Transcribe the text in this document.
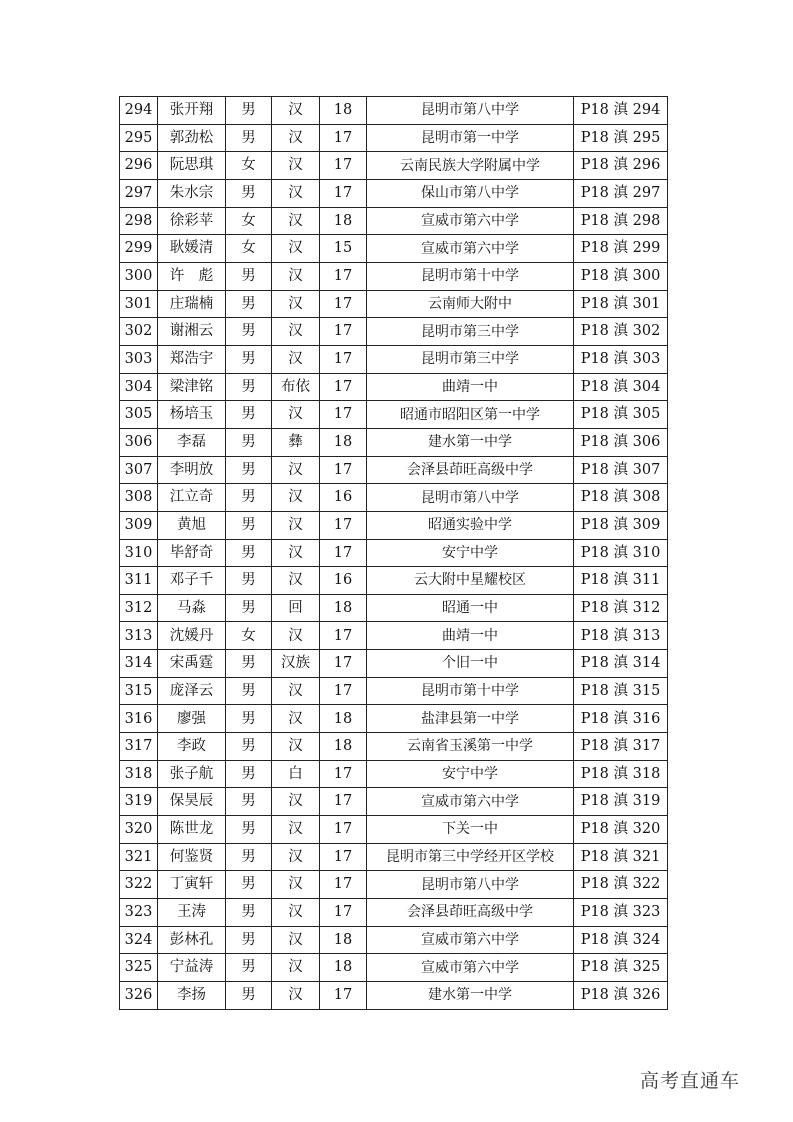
294	张开翔	男	汉	18	昆明市第八中学	P18 滇 294
295	郭劲松	男	汉	17	昆明市第一中学	P18 滇 295
296	阮思琪	女	汉	17	云南民族大学附属中学	P18 滇 296
297	朱水宗	男	汉	17	保山市第八中学	P18 滇 297
298	徐彩苹	女	汉	18	宣威市第六中学	P18 滇 298
299	耿媛清	女	汉	15	宣威市第六中学	P18 滇 299
300	许　彪	男	汉	17	昆明市第十中学	P18 滇 300
301	庄瑞楠	男	汉	17	云南师大附中	P18 滇 301
302	谢湘云	男	汉	17	昆明市第三中学	P18 滇 302
303	郑浩宇	男	汉	17	昆明市第三中学	P18 滇 303
304	梁津铭	男	布依	17	曲靖一中	P18 滇 304
305	杨培玉	男	汉	17	昭通市昭阳区第一中学	P18 滇 305
306	李磊	男	彝	18	建水第一中学	P18 滇 306
307	李明放	男	汉	17	会泽县茚旺高级中学	P18 滇 307
308	江立奇	男	汉	16	昆明市第八中学	P18 滇 308
309	黄旭	男	汉	17	昭通实验中学	P18 滇 309
310	毕舒奇	男	汉	17	安宁中学	P18 滇 310
311	邓子千	男	汉	16	云大附中星耀校区	P18 滇 311
312	马淼	男	回	18	昭通一中	P18 滇 312
313	沈媛丹	女	汉	17	曲靖一中	P18 滇 313
314	宋禹霆	男	汉族	17	个旧一中	P18 滇 314
315	庞泽云	男	汉	17	昆明市第十中学	P18 滇 315
316	廖强	男	汉	18	盐津县第一中学	P18 滇 316
317	李政	男	汉	18	云南省玉溪第一中学	P18 滇 317
318	张子航	男	白	17	安宁中学	P18 滇 318
319	保昊辰	男	汉	17	宣威市第六中学	P18 滇 319
320	陈世龙	男	汉	17	下关一中	P18 滇 320
321	何鉴贤	男	汉	17	昆明市第三中学经开区学校	P18 滇 321
322	丁寅轩	男	汉	17	昆明市第八中学	P18 滇 322
323	王涛	男	汉	17	会泽县茚旺高级中学	P18 滇 323
324	彭林孔	男	汉	18	宣威市第六中学	P18 滇 324
325	宁益涛	男	汉	18	宣威市第六中学	P18 滇 325
326	李扬	男	汉	17	建水第一中学	P18 滇 326
高考直通车
